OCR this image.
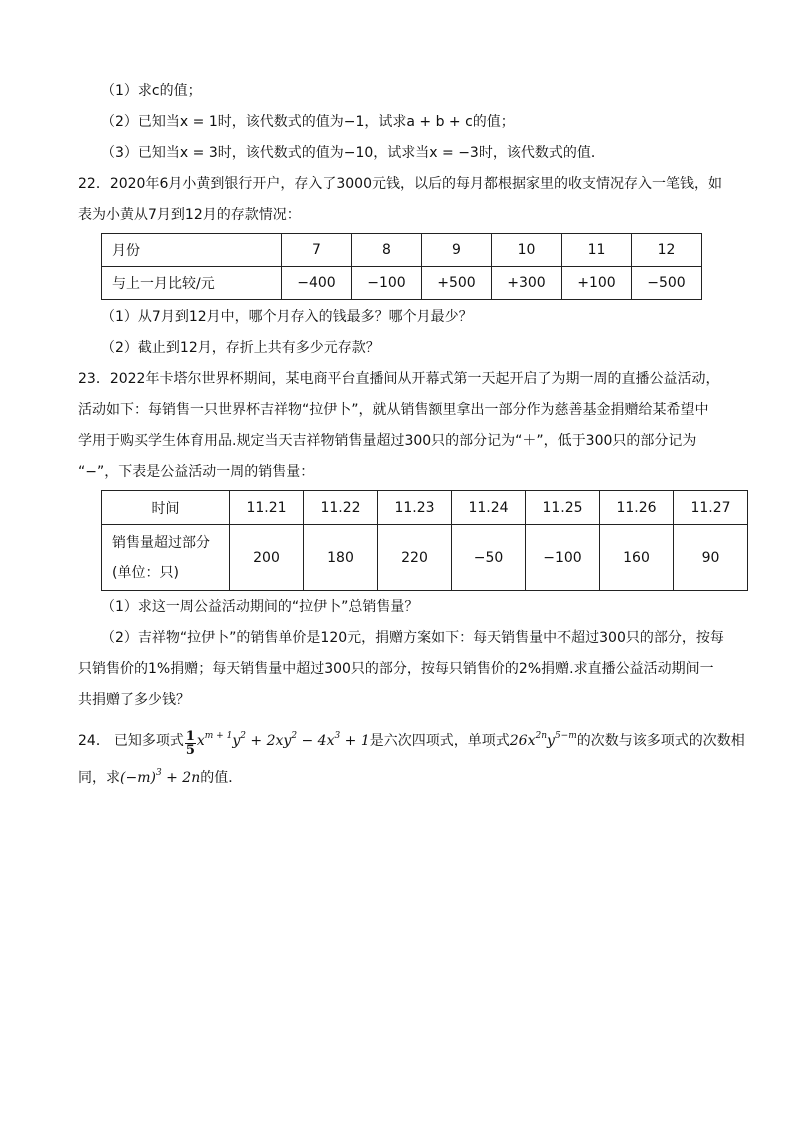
（1）求c的值；
（2）已知当x = 1时，该代数式的值为−1，试求a + b + c的值；
（3）已知当x = 3时，该代数式的值为−10，试求当x = −3时，该代数式的值．
22．2020年6月小黄到银行开户，存入了3000元钱，以后的每月都根据家里的收支情况存入一笔钱，如
表为小黄从7月到12月的存款情况：
月份	7	8	9	10	11	12
与上一月比较/元	−400	−100	+500	+300	+100	−500
（1）从7月到12月中，哪个月存入的钱最多？哪个月最少？
（2）截止到12月，存折上共有多少元存款？
23．2022年卡塔尔世界杯期间，某电商平台直播间从开幕式第一天起开启了为期一周的直播公益活动，
活动如下：每销售一只世界杯吉祥物“拉伊卜”，就从销售额里拿出一部分作为慈善基金捐赠给某希望中
学用于购买学生体育用品.规定当天吉祥物销售量超过300只的部分记为“＋”，低于300只的部分记为
“−”，下表是公益活动一周的销售量：
时间	11.21	11.22	11.23	11.24	11.25	11.26	11.27

销售量超过部分
(单位：只)	200	180	220	−50	−100	160	90
（1）求这一周公益活动期间的“拉伊卜”总销售量？
（2）吉祥物“拉伊卜”的销售单价是120元，捐赠方案如下：每天销售量中不超过300只的部分，按每
只销售价的1%捐赠；每天销售量中超过300只的部分，按每只销售价的2%捐赠.求直播公益活动期间一
共捐赠了多少钱？
24． 已知多项式 $\frac{1}{5} x^{m + 1}y^2 + 2xy^2 - 4x^3 + 1$是六次四项式，单项式$26x^{2n}y^{5-m}$的次数与该多项式的次数相
同，求$(-m)^3 + 2n$的值．
